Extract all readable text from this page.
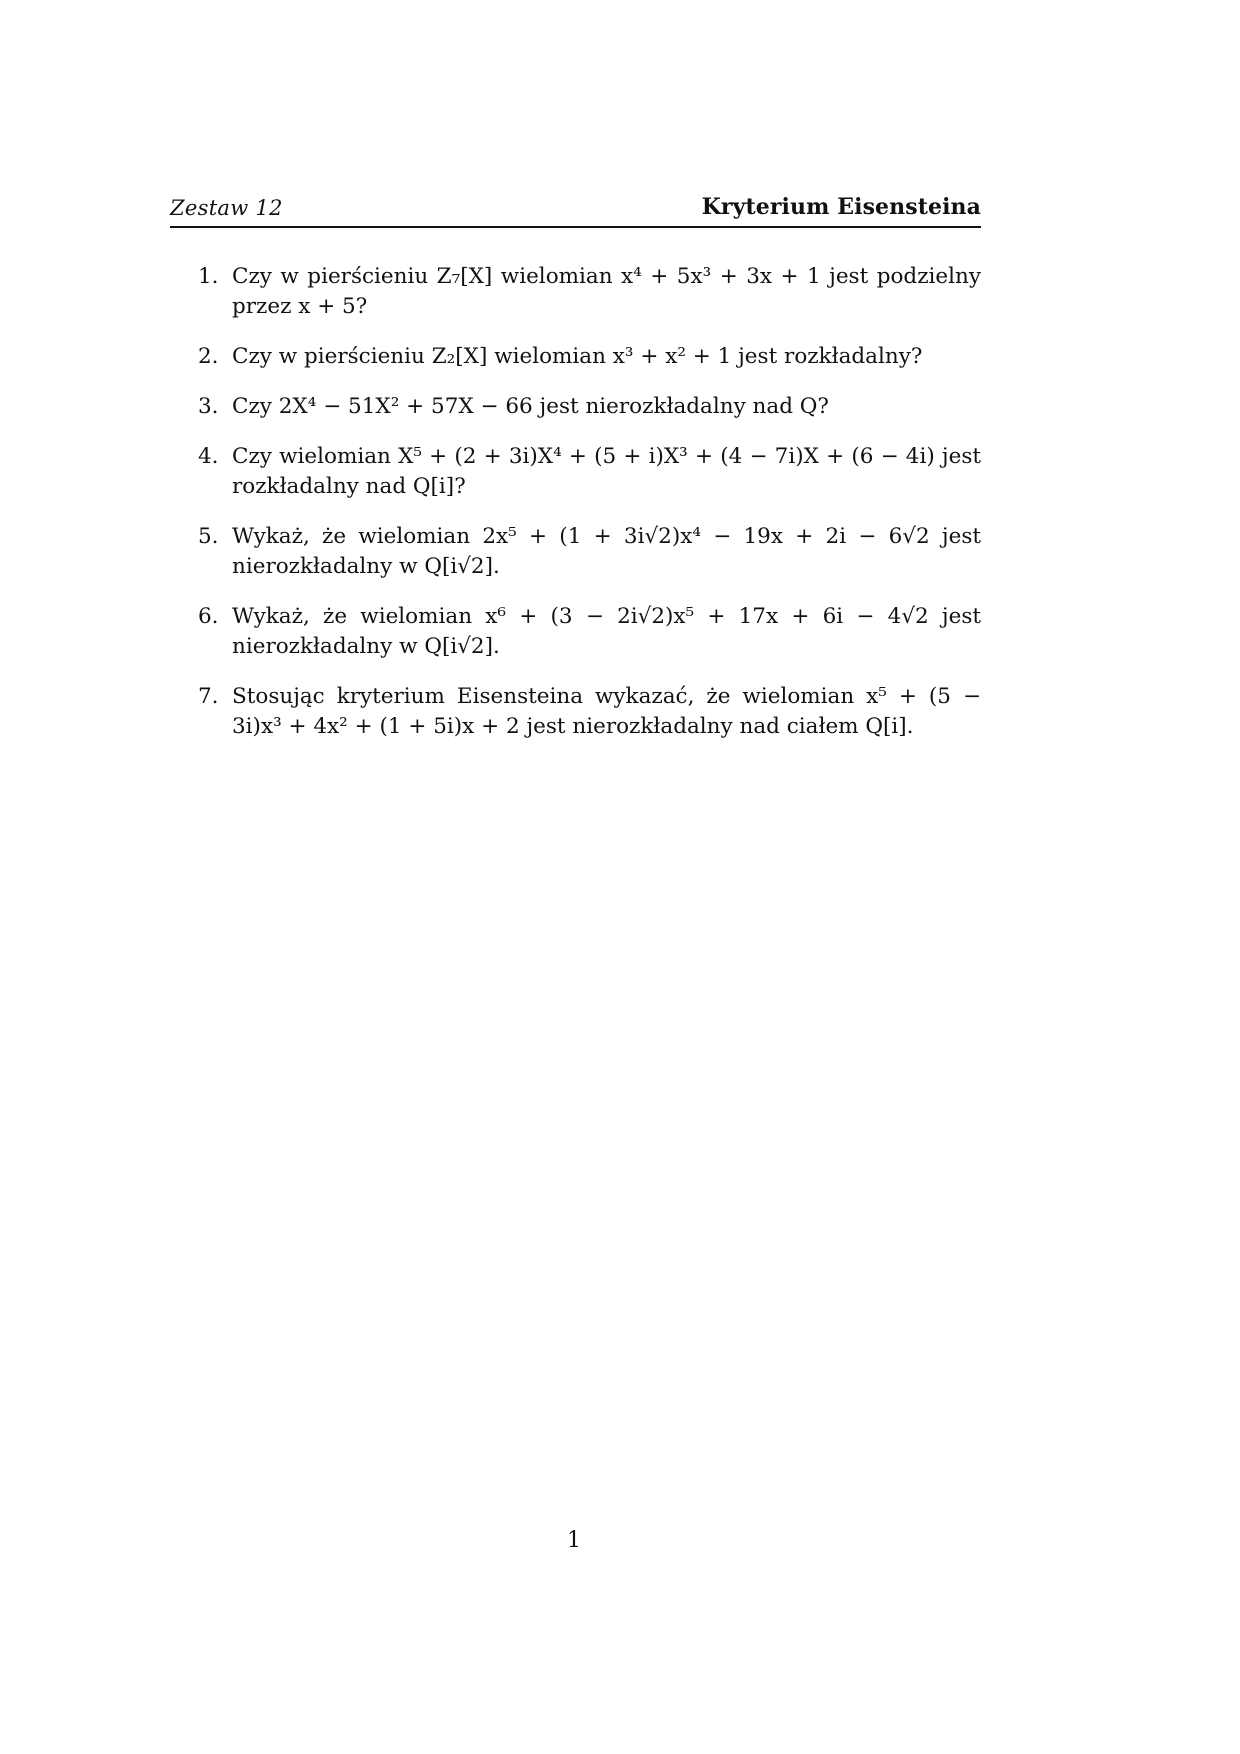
Zestaw 12	Kryterium Eisensteina
1. Czy w pierścieniu Z₇[X] wielomian x⁴ + 5x³ + 3x + 1 jest podzielny przez x + 5?
2. Czy w pierścieniu Z₂[X] wielomian x³ + x² + 1 jest rozkładalny?
3. Czy 2X⁴ − 51X² + 57X − 66 jest nierozkładalny nad Q?
4. Czy wielomian X⁵ + (2 + 3i)X⁴ + (5 + i)X³ + (4 − 7i)X + (6 − 4i) jest rozkładalny nad Q[i]?
5. Wykaż, że wielomian 2x⁵ + (1 + 3i√2)x⁴ − 19x + 2i − 6√2 jest nierozkładalny w Q[i√2].
6. Wykaż, że wielomian x⁶ + (3 − 2i√2)x⁵ + 17x + 6i − 4√2 jest nierozkładalny w Q[i√2].
7. Stosując kryterium Eisensteina wykazać, że wielomian x⁵ + (5 − 3i)x³ + 4x² + (1 + 5i)x + 2 jest nierozkładalny nad ciałem Q[i].
1
